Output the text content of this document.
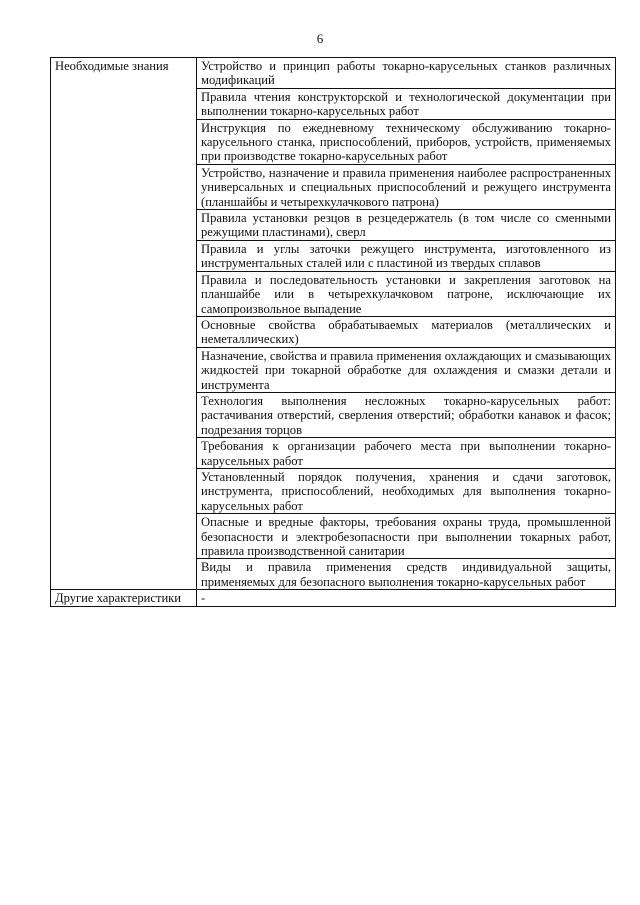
6
Необходимые знания	Устройство и принцип работы токарно-карусельных станков различных модификаций
	Правила чтения конструкторской и технологической документации при выполнении токарно-карусельных работ
	Инструкция по ежедневному техническому обслуживанию токарно-карусельного станка, приспособлений, приборов, устройств, применяемых при производстве токарно-карусельных работ
	Устройство, назначение и правила применения наиболее распространенных универсальных и специальных приспособлений и режущего инструмента (планшайбы и четырехкулачкового патрона)
	Правила установки резцов в резцедержатель (в том числе со сменными режущими пластинами), сверл
	Правила и углы заточки режущего инструмента, изготовленного из инструментальных сталей или с пластиной из твердых сплавов
	Правила и последовательность установки и закрепления заготовок на планшайбе или в четырехкулачковом патроне, исключающие их самопроизвольное выпадение
	Основные свойства обрабатываемых материалов (металлических и неметаллических)
	Назначение, свойства и правила применения охлаждающих и смазывающих жидкостей при токарной обработке для охлаждения и смазки детали и инструмента
	Технология выполнения несложных токарно-карусельных работ: растачивания отверстий, сверления отверстий; обработки канавок и фасок; подрезания торцов
	Требования к организации рабочего места при выполнении токарно-карусельных работ
	Установленный порядок получения, хранения и сдачи заготовок, инструмента, приспособлений, необходимых для выполнения токарно-карусельных работ
	Опасные и вредные факторы, требования охраны труда, промышленной безопасности и электробезопасности при выполнении токарных работ, правила производственной санитарии
	Виды и правила применения средств индивидуальной защиты, применяемых для безопасного выполнения токарно-карусельных работ
Другие характеристики	-
